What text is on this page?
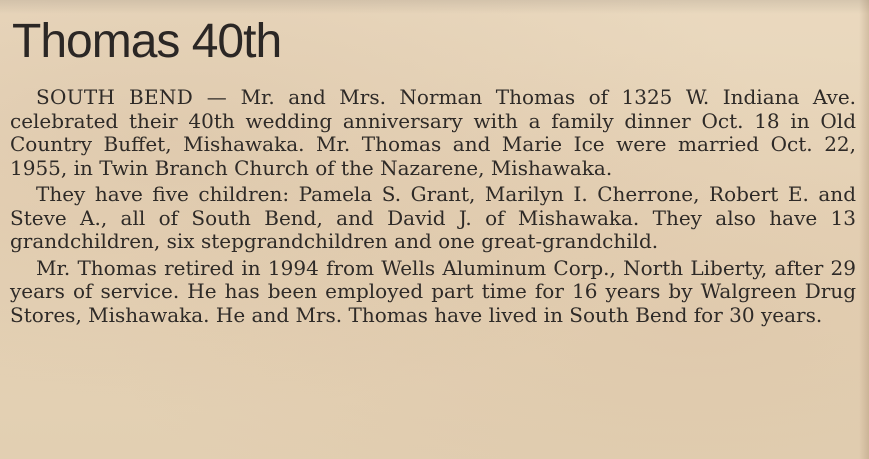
Thomas 40th

SOUTH BEND — Mr. and Mrs. Norman Thomas of 1325 W. Indiana Ave. celebrated their 40th wedding anniversary with a family dinner Oct. 18 in Old Country Buffet, Mishawaka. Mr. Thomas and Marie Ice were married Oct. 22, 1955, in Twin Branch Church of the Nazarene, Mishawaka.

They have five children: Pamela S. Grant, Marilyn I. Cherrone, Robert E. and Steve A., all of South Bend, and David J. of Mishawaka. They also have 13 grandchildren, six stepgrandchildren and one great-grandchild.

Mr. Thomas retired in 1994 from Wells Aluminum Corp., North Liberty, after 29 years of service. He has been employed part time for 16 years by Walgreen Drug Stores, Mishawaka. He and Mrs. Thomas have lived in South Bend for 30 years.
